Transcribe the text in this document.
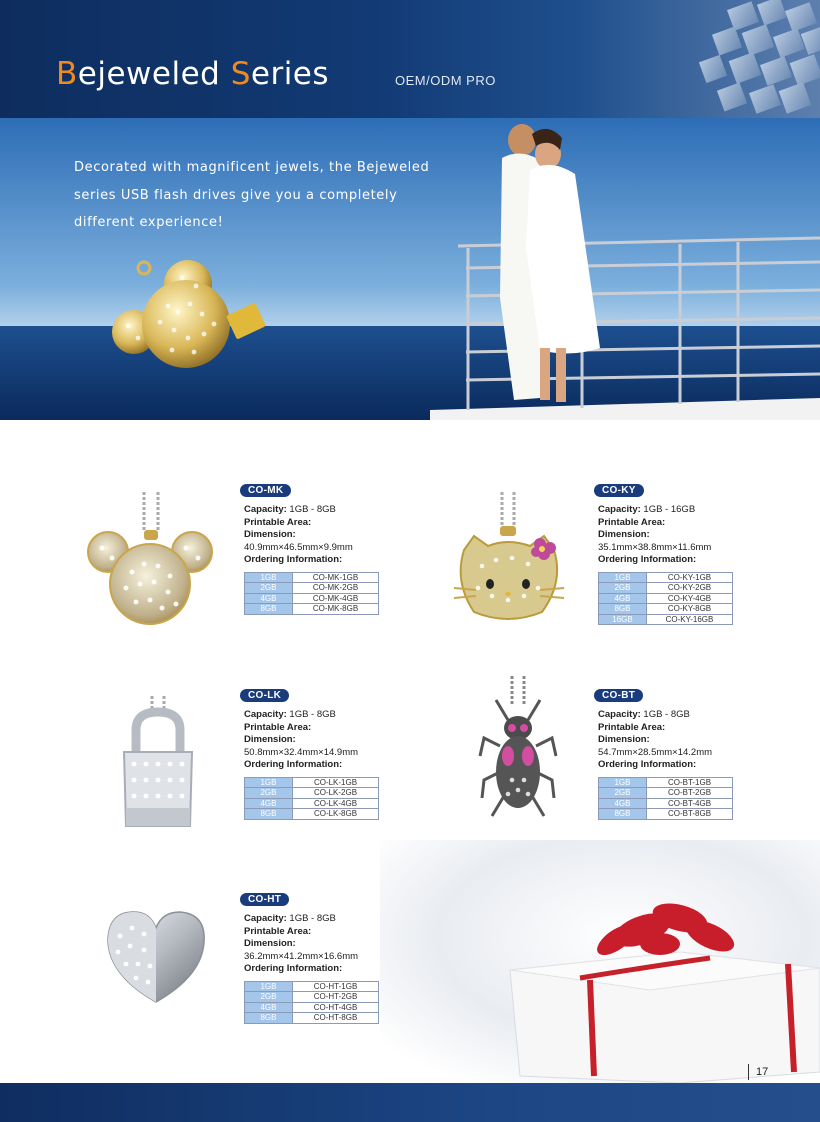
Bejeweled Series	OEM/ODM PRO
Decorated with magnificent jewels, the Bejeweled
series USB flash drives give you a completely
different experience!
CO-MK
Capacity: 1GB - 8GB
Printable Area:
Dimension:
40.9mm×46.5mm×9.9mm
Ordering Information:
1GB	CO-MK-1GB
2GB	CO-MK-2GB
4GB	CO-MK-4GB
8GB	CO-MK-8GB
CO-KY
Capacity: 1GB - 16GB
Printable Area:
Dimension:
35.1mm×38.8mm×11.6mm
Ordering Information:
1GB	CO-KY-1GB
2GB	CO-KY-2GB
4GB	CO-KY-4GB
8GB	CO-KY-8GB
16GB	CO-KY-16GB
CO-LK
Capacity: 1GB - 8GB
Printable Area:
Dimension:
50.8mm×32.4mm×14.9mm
Ordering Information:
1GB	CO-LK-1GB
2GB	CO-LK-2GB
4GB	CO-LK-4GB
8GB	CO-LK-8GB
CO-BT
Capacity: 1GB - 8GB
Printable Area:
Dimension:
54.7mm×28.5mm×14.2mm
Ordering Information:
1GB	CO-BT-1GB
2GB	CO-BT-2GB
4GB	CO-BT-4GB
8GB	CO-BT-8GB
CO-HT
Capacity: 1GB - 8GB
Printable Area:
Dimension:
36.2mm×41.2mm×16.6mm
Ordering Information:
1GB	CO-HT-1GB
2GB	CO-HT-2GB
4GB	CO-HT-4GB
8GB	CO-HT-8GB
17
